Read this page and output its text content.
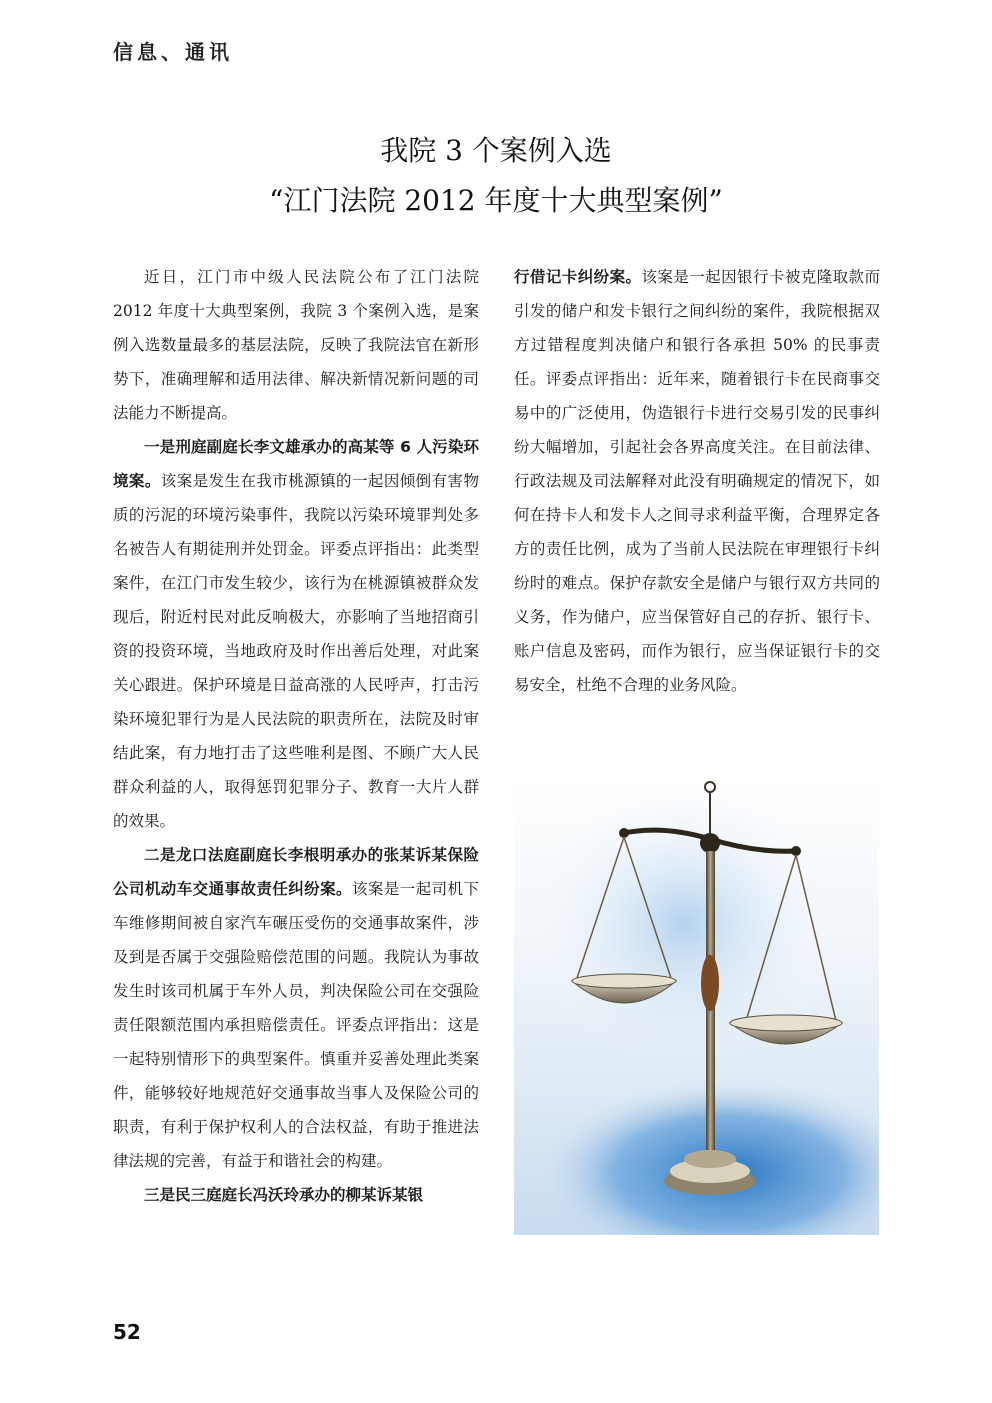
信息、通讯
我院 3 个案例入选
“江门法院 2012 年度十大典型案例”

近日，江门市中级人民法院公布了江门法院 2012 年度十大典型案例，我院 3 个案例入选，是案例入选数量最多的基层法院，反映了我院法官在新形势下，准确理解和适用法律、解决新情况新问题的司法能力不断提高。

一是刑庭副庭长李文雄承办的高某等 6 人污染环境案。该案是发生在我市桃源镇的一起因倾倒有害物质的污泥的环境污染事件，我院以污染环境罪判处多名被告人有期徒刑并处罚金。评委点评指出：此类型案件，在江门市发生较少，该行为在桃源镇被群众发现后，附近村民对此反响极大，亦影响了当地招商引资的投资环境，当地政府及时作出善后处理，对此案关心跟进。保护环境是日益高涨的人民呼声，打击污染环境犯罪行为是人民法院的职责所在，法院及时审结此案，有力地打击了这些唯利是图、不顾广大人民群众利益的人，取得惩罚犯罪分子、教育一大片人群的效果。

二是龙口法庭副庭长李根明承办的张某诉某保险公司机动车交通事故责任纠纷案。该案是一起司机下车维修期间被自家汽车碾压受伤的交通事故案件，涉及到是否属于交强险赔偿范围的问题。我院认为事故发生时该司机属于车外人员，判决保险公司在交强险责任限额范围内承担赔偿责任。评委点评指出：这是一起特别情形下的典型案件。慎重并妥善处理此类案件，能够较好地规范好交通事故当事人及保险公司的职责，有利于保护权利人的合法权益，有助于推进法律法规的完善，有益于和谐社会的构建。

三是民三庭庭长冯沃玲承办的柳某诉某银

行借记卡纠纷案。该案是一起因银行卡被克隆取款而引发的储户和发卡银行之间纠纷的案件，我院根据双方过错程度判决储户和银行各承担 50% 的民事责任。评委点评指出：近年来，随着银行卡在民商事交易中的广泛使用，伪造银行卡进行交易引发的民事纠纷大幅增加，引起社会各界高度关注。在目前法律、行政法规及司法解释对此没有明确规定的情况下，如何在持卡人和发卡人之间寻求利益平衡，合理界定各方的责任比例，成为了当前人民法院在审理银行卡纠纷时的难点。保护存款安全是储户与银行双方共同的义务，作为储户，应当保管好自己的存折、银行卡、账户信息及密码，而作为银行，应当保证银行卡的交易安全，杜绝不合理的业务风险。

52
